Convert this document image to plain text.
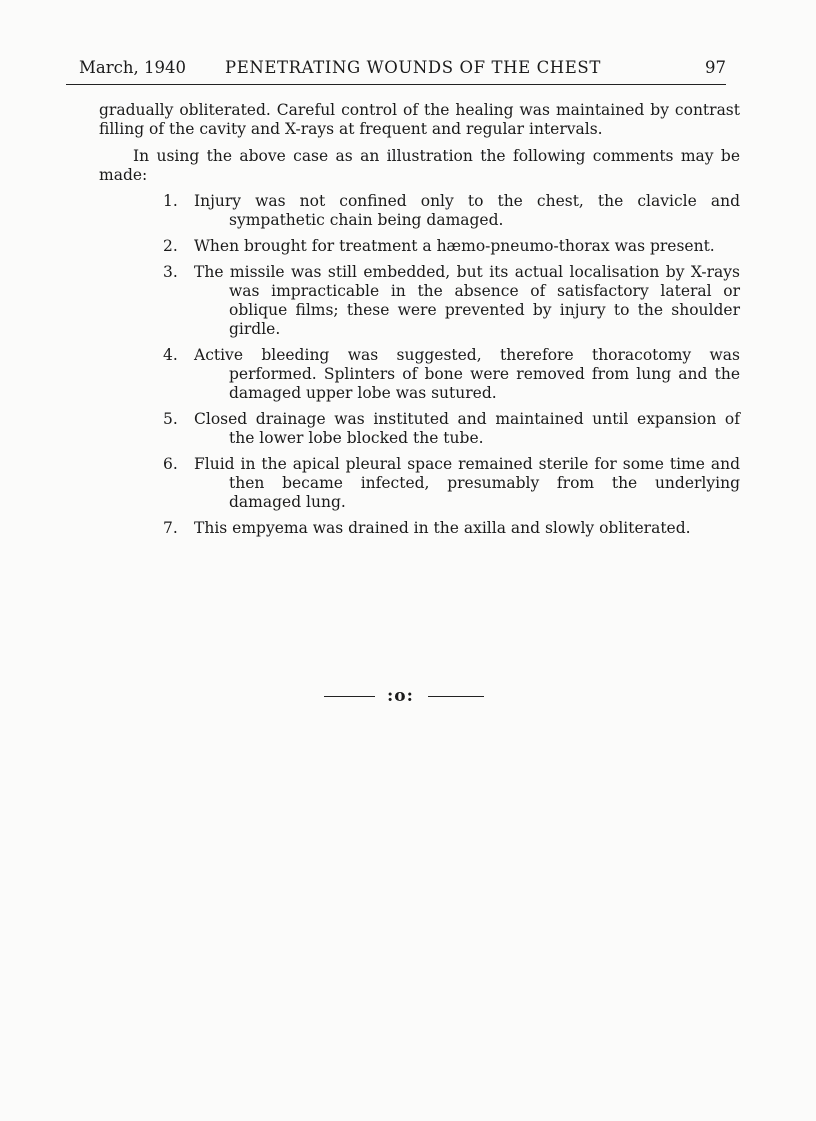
March, 1940 PENETRATING WOUNDS OF THE CHEST	97

gradually obliterated. Careful control of the healing was maintained by contrast filling of the cavity and X-rays at frequent and regular intervals.

In using the above case as an illustration the following comments may be made:

1.	Injury was not confined only to the chest, the clavicle and sympathetic chain being damaged.
2.	When brought for treatment a hæmo-pneumo-thorax was present.
3.	The missile was still embedded, but its actual localisation by X-rays was impracticable in the absence of satisfactory lateral or oblique films; these were prevented by injury to the shoulder girdle.
4.	Active bleeding was suggested, therefore thoracotomy was performed. Splinters of bone were removed from lung and the damaged upper lobe was sutured.
5.	Closed drainage was instituted and maintained until expansion of the lower lobe blocked the tube.
6.	Fluid in the apical pleural space remained sterile for some time and then became infected, presumably from the underlying damaged lung.
7.	This empyema was drained in the axilla and slowly obliterated.
:o:
